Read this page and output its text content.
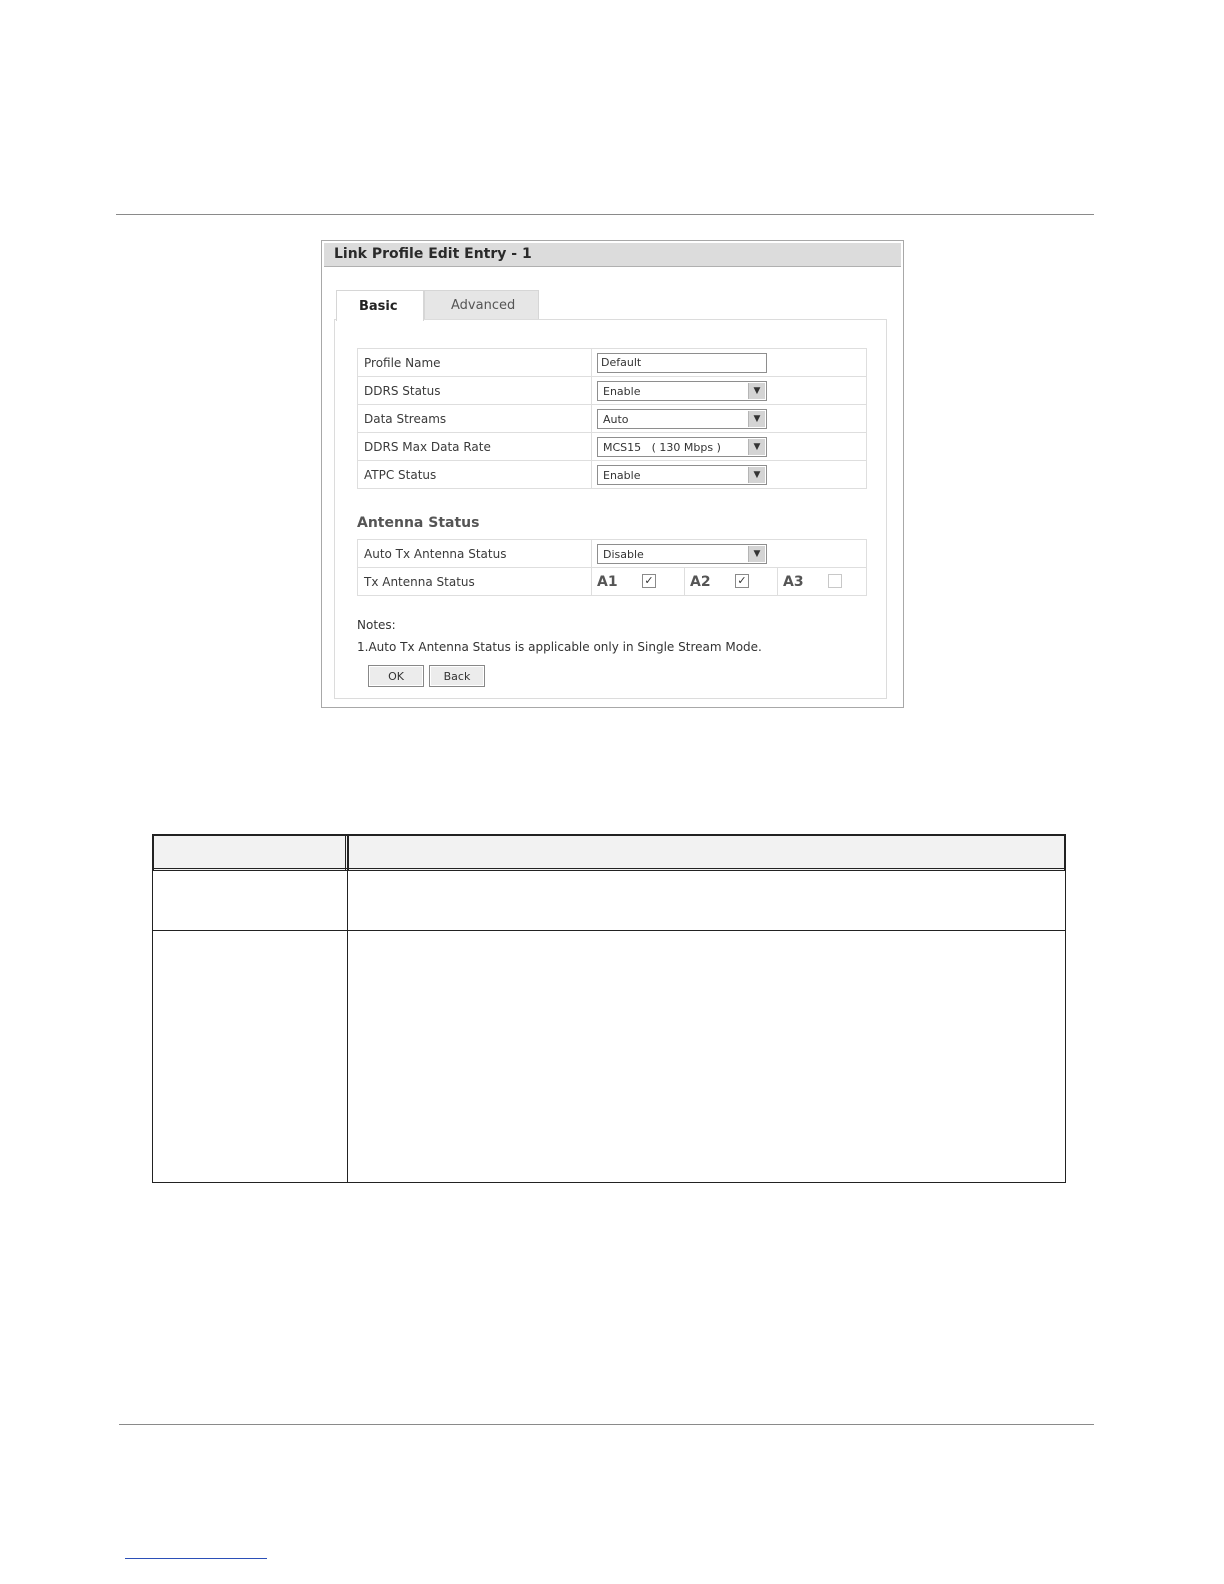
Link Profile Edit Entry - 1
Basic	Advanced
Profile Name	Default
DDRS Status	Enable ▼

Data Streams	Auto ▼

DDRS Max Data Rate	MCS15   ( 130 Mbps ) ▼

ATPC Status	Enable ▼
Antenna Status
Auto Tx Antenna Status	Disable ▼		

Tx Antenna Status	A1 ✓	A2 ✓	A3
Notes:
1.Auto Tx Antenna Status is applicable only in Single Stream Mode.
OK	Back
